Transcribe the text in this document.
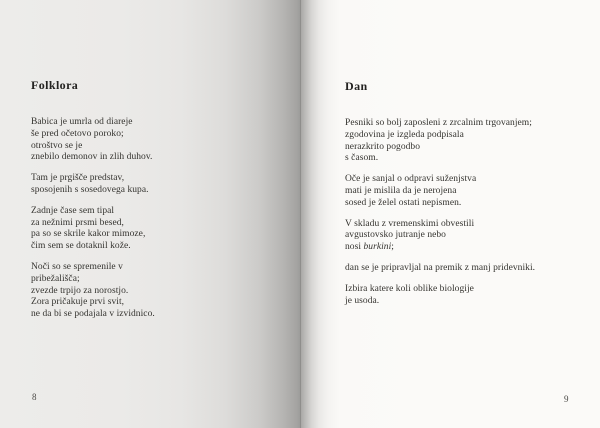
Folklora
Babica je umrla od diareje
še pred očetovo poroko;
otroštvo se je
znebilo demonov in zlih duhov.
Tam je prgišče predstav,
sposojenih s sosedovega kupa.
Zadnje čase sem tipal
za nežnimi prsmi besed,
pa so se skrile kakor mimoze,
čim sem se dotaknil kože.
Noči so se spremenile v
pribežališča;
zvezde trpijo za norostjo.
Zora pričakuje prvi svit,
ne da bi se podajala v izvidnico.
8
Dan
Pesniki so bolj zaposleni z zrcalnim trgovanjem;
zgodovina je izgleda podpisala
nerazkrito pogodbo
s časom.
Oče je sanjal o odpravi suženjstva
mati je mislila da je nerojena
sosed je želel ostati nepismen.
V skladu z vremenskimi obvestili
avgustovsko jutranje nebo
nosi burkini;
dan se je pripravljal na premik z manj pridevniki.
Izbira katere koli oblike biologije
je usoda.
9
